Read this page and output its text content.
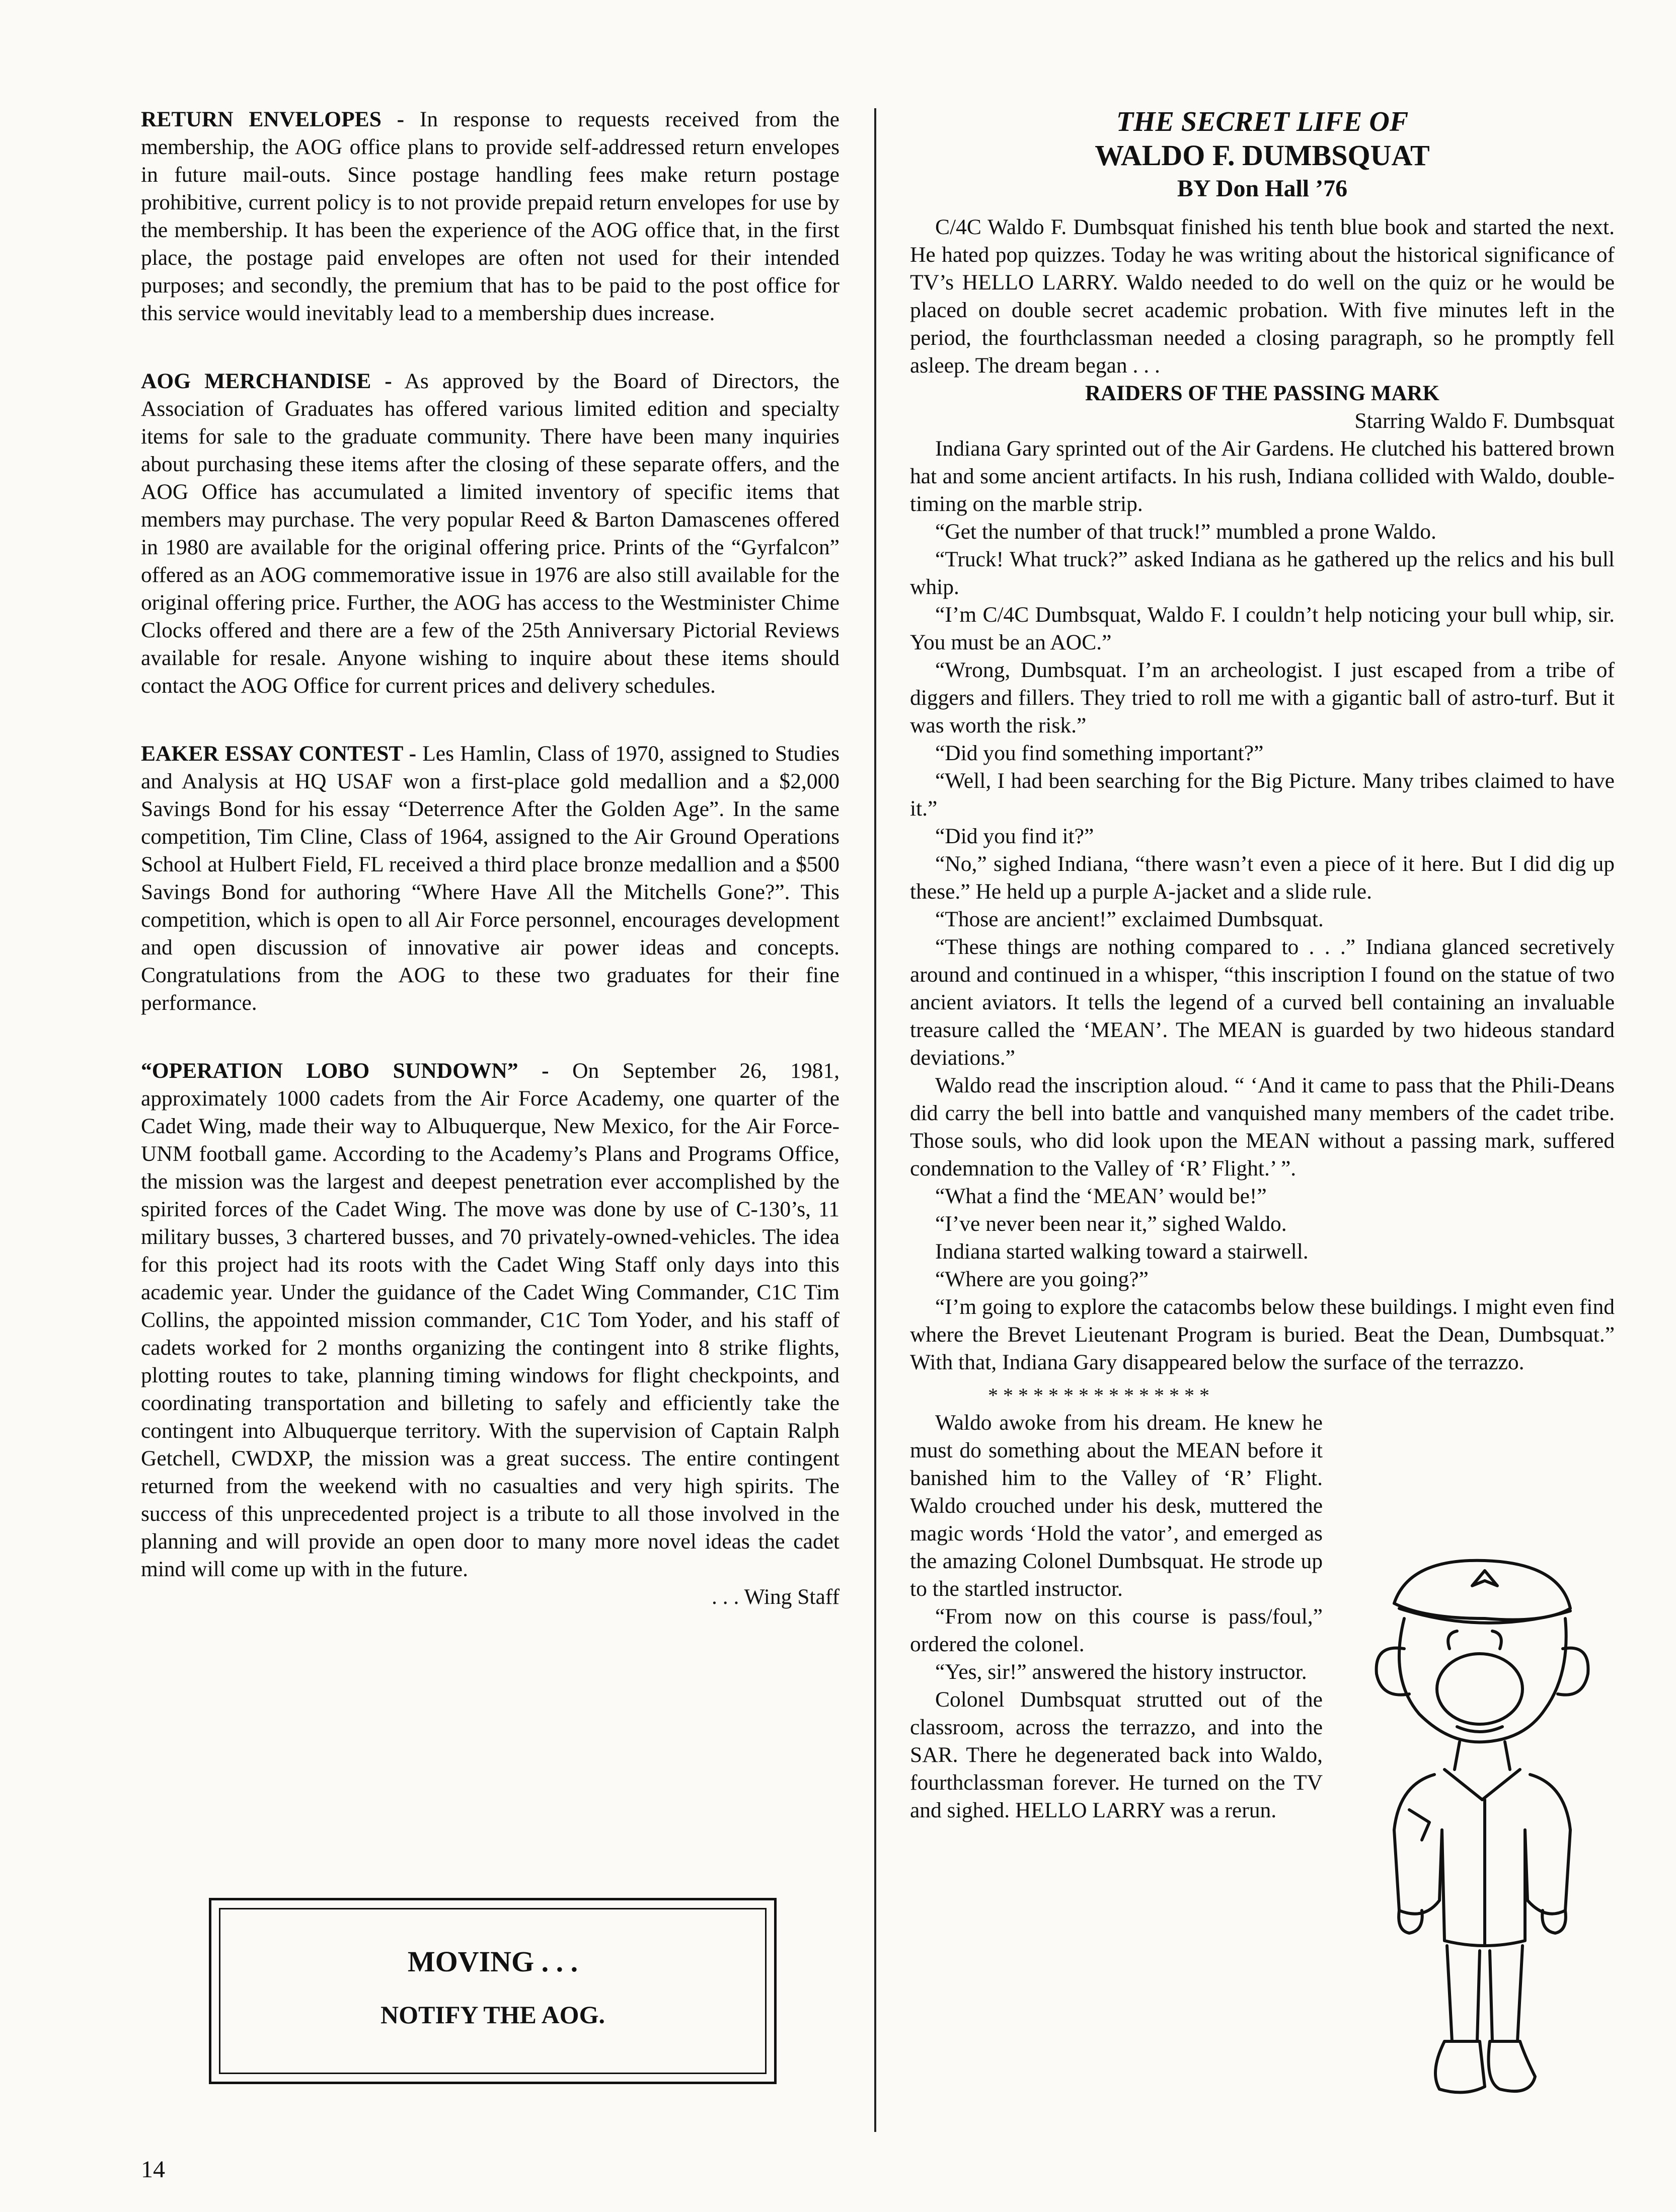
RETURN ENVELOPES - In response to requests received from the membership, the AOG office plans to provide self-addressed return envelopes in future mail-outs. Since postage handling fees make return postage prohibitive, current policy is to not provide prepaid return envelopes for use by the membership. It has been the experience of the AOG office that, in the first place, the postage paid envelopes are often not used for their intended purposes; and secondly, the premium that has to be paid to the post office for this service would inevitably lead to a membership dues increase.

AOG MERCHANDISE - As approved by the Board of Directors, the Association of Graduates has offered various limited edition and specialty items for sale to the graduate community. There have been many inquiries about purchasing these items after the closing of these separate offers, and the AOG Office has accumulated a limited inventory of specific items that members may purchase. The very popular Reed & Barton Damascenes offered in 1980 are available for the original offering price. Prints of the “Gyrfalcon” offered as an AOG commemorative issue in 1976 are also still available for the original offering price. Further, the AOG has access to the Westminister Chime Clocks offered and there are a few of the 25th Anniversary Pictorial Reviews available for resale. Anyone wishing to inquire about these items should contact the AOG Office for current prices and delivery schedules.

EAKER ESSAY CONTEST - Les Hamlin, Class of 1970, assigned to Studies and Analysis at HQ USAF won a first-place gold medallion and a $2,000 Savings Bond for his essay “Deterrence After the Golden Age”. In the same competition, Tim Cline, Class of 1964, assigned to the Air Ground Operations School at Hulbert Field, FL received a third place bronze medallion and a $500 Savings Bond for authoring “Where Have All the Mitchells Gone?”. This competition, which is open to all Air Force personnel, encourages development and open discussion of innovative air power ideas and concepts. Congratulations from the AOG to these two graduates for their fine performance.

“OPERATION LOBO SUNDOWN” - On September 26, 1981, approximately 1000 cadets from the Air Force Academy, one quarter of the Cadet Wing, made their way to Albuquerque, New Mexico, for the Air Force-UNM football game. According to the Academy’s Plans and Programs Office, the mission was the largest and deepest penetration ever accomplished by the spirited forces of the Cadet Wing. The move was done by use of C-130’s, 11 military busses, 3 chartered busses, and 70 privately-owned-vehicles. The idea for this project had its roots with the Cadet Wing Staff only days into this academic year. Under the guidance of the Cadet Wing Commander, C1C Tim Collins, the appointed mission commander, C1C Tom Yoder, and his staff of cadets worked for 2 months organizing the contingent into 8 strike flights, plotting routes to take, planning timing windows for flight checkpoints, and coordinating transportation and billeting to safely and efficiently take the contingent into Albuquerque territory. With the supervision of Captain Ralph Getchell, CWDXP, the mission was a great success. The entire contingent returned from the weekend with no casualties and very high spirits. The success of this unprecedented project is a tribute to all those involved in the planning and will provide an open door to many more novel ideas the cadet mind will come up with in the future.

. . . Wing Staff

MOVING . . .
NOTIFY THE AOG.
14

THE SECRET LIFE OF

WALDO F. DUMBSQUAT

BY Don Hall ’76

C/4C Waldo F. Dumbsquat finished his tenth blue book and started the next. He hated pop quizzes. Today he was writing about the historical significance of TV’s HELLO LARRY. Waldo needed to do well on the quiz or he would be placed on double secret academic probation. With five minutes left in the period, the fourthclassman needed a closing paragraph, so he promptly fell asleep. The dream began . . .

RAIDERS OF THE PASSING MARK

Starring Waldo F. Dumbsquat

Indiana Gary sprinted out of the Air Gardens. He clutched his battered brown hat and some ancient artifacts. In his rush, Indiana collided with Waldo, double-timing on the marble strip.

“Get the number of that truck!” mumbled a prone Waldo.

“Truck! What truck?” asked Indiana as he gathered up the relics and his bull whip.

“I’m C/4C Dumbsquat, Waldo F. I couldn’t help noticing your bull whip, sir. You must be an AOC.”

“Wrong, Dumbsquat. I’m an archeologist. I just escaped from a tribe of diggers and fillers. They tried to roll me with a gigantic ball of astro-turf. But it was worth the risk.”

“Did you find something important?”

“Well, I had been searching for the Big Picture. Many tribes claimed to have it.”

“Did you find it?”

“No,” sighed Indiana, “there wasn’t even a piece of it here. But I did dig up these.” He held up a purple A-jacket and a slide rule.

“Those are ancient!” exclaimed Dumbsquat.

“These things are nothing compared to . . .” Indiana glanced secretively around and continued in a whisper, “this inscription I found on the statue of two ancient aviators. It tells the legend of a curved bell containing an invaluable treasure called the ‘MEAN’. The MEAN is guarded by two hideous standard deviations.”

Waldo read the inscription aloud. “ ‘And it came to pass that the Phili-Deans did carry the bell into battle and vanquished many members of the cadet tribe. Those souls, who did look upon the MEAN without a passing mark, suffered condemnation to the Valley of ‘R’ Flight.’ ”.

“What a find the ‘MEAN’ would be!”

“I’ve never been near it,” sighed Waldo.

Indiana started walking toward a stairwell.

“Where are you going?”

“I’m going to explore the catacombs below these buildings. I might even find where the Brevet Lieutenant Program is buried. Beat the Dean, Dumbsquat.” With that, Indiana Gary disappeared below the surface of the terrazzo.

***************

Waldo awoke from his dream. He knew he must do something about the MEAN before it banished him to the Valley of ‘R’ Flight. Waldo crouched under his desk, muttered the magic words ‘Hold the vator’, and emerged as the amazing Colonel Dumbsquat. He strode up to the startled instructor.

“From now on this course is pass/foul,” ordered the colonel.

“Yes, sir!” answered the history instructor.

Colonel Dumbsquat strutted out of the classroom, across the terrazzo, and into the SAR. There he degenerated back into Waldo, fourthclassman forever. He turned on the TV and sighed. HELLO LARRY was a rerun.
